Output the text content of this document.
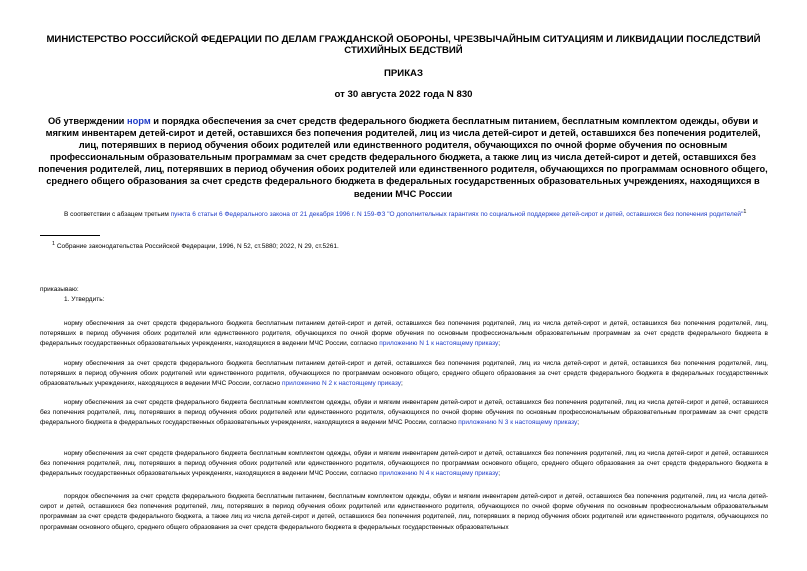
МИНИСТЕРСТВО РОССИЙСКОЙ ФЕДЕРАЦИИ ПО ДЕЛАМ ГРАЖДАНСКОЙ ОБОРОНЫ, ЧРЕЗВЫЧАЙНЫМ СИТУАЦИЯМ И ЛИКВИДАЦИИ ПОСЛЕДСТВИЙ СТИХИЙНЫХ БЕДСТВИЙ
ПРИКАЗ
от 30 августа 2022 года N 830
Об утверждении норм и порядка обеспечения за счет средств федерального бюджета бесплатным питанием, бесплатным комплектом одежды, обуви и мягким инвентарем детей-сирот и детей, оставшихся без попечения родителей, лиц из числа детей-сирот и детей, оставшихся без попечения родителей, лиц, потерявших в период обучения обоих родителей или единственного родителя, обучающихся по очной форме обучения по основным профессиональным образовательным программам за счет средств федерального бюджета, а также лиц из числа детей-сирот и детей, оставшихся без попечения родителей, лиц, потерявших в период обучения обоих родителей или единственного родителя, обучающихся по программам основного общего, среднего общего образования за счет средств федерального бюджета в федеральных государственных образовательных учреждениях, находящихся в ведении МЧС России
В соответствии с абзацем третьим пункта 6 статьи 6 Федерального закона от 21 декабря 1996 г. N 159-ФЗ "О дополнительных гарантиях по социальной поддержке детей-сирот и детей, оставшихся без попечения родителей"$^1$
$^1$ Собрание законодательства Российской Федерации, 1996, N 52, ст.5880; 2022, N 29, ст.5261.
приказываю:
1. Утвердить:
норму обеспечения за счет средств федерального бюджета бесплатным питанием детей-сирот и детей, оставшихся без попечения родителей, лиц из числа детей-сирот и детей, оставшихся без попечения родителей, лиц, потерявших в период обучения обоих родителей или единственного родителя, обучающихся по очной форме обучения по основным профессиональным образовательным программам за счет средств федерального бюджета в федеральных государственных образовательных учреждениях, находящихся в ведении МЧС России, согласно приложению N 1 к настоящему приказу;
норму обеспечения за счет средств федерального бюджета бесплатным питанием детей-сирот и детей, оставшихся без попечения родителей, лиц из числа детей-сирот и детей, оставшихся без попечения родителей, лиц, потерявших в период обучения обоих родителей или единственного родителя, обучающихся по программам основного общего, среднего общего образования за счет средств федерального бюджета в федеральных государственных образовательных учреждениях, находящихся в ведении МЧС России, согласно приложению N 2 к настоящему приказу;
норму обеспечения за счет средств федерального бюджета бесплатным комплектом одежды, обуви и мягким инвентарем детей-сирот и детей, оставшихся без попечения родителей, лиц из числа детей-сирот и детей, оставшихся без попечения родителей, лиц, потерявших в период обучения обоих родителей или единственного родителя, обучающихся по очной форме обучения по основным профессиональным образовательным программам за счет средств федерального бюджета в федеральных государственных образовательных учреждениях, находящихся в ведении МЧС России, согласно приложению N 3 к настоящему приказу;
норму обеспечения за счет средств федерального бюджета бесплатным комплектом одежды, обуви и мягким инвентарем детей-сирот и детей, оставшихся без попечения родителей, лиц из числа детей-сирот и детей, оставшихся без попечения родителей, лиц, потерявших в период обучения обоих родителей или единственного родителя, обучающихся по программам основного общего, среднего общего образования за счет средств федерального бюджета в федеральных государственных образовательных учреждениях, находящихся в ведении МЧС России, согласно приложению N 4 к настоящему приказу;
порядок обеспечения за счет средств федерального бюджета бесплатным питанием, бесплатным комплектом одежды, обуви и мягким инвентарем детей-сирот и детей, оставшихся без попечения родителей, лиц из числа детей-сирот и детей, оставшихся без попечения родителей, лиц, потерявших в период обучения обоих родителей или единственного родителя, обучающихся по очной форме обучения по основным профессиональным образовательным программам за счет средств федерального бюджета, а также лиц из числа детей-сирот и детей, оставшихся без попечения родителей, лиц, потерявших в период обучения обоих родителей или единственного родителя, обучающихся по программам основного общего, среднего общего образования за счет средств федерального бюджета в федеральных государственных образовательных
